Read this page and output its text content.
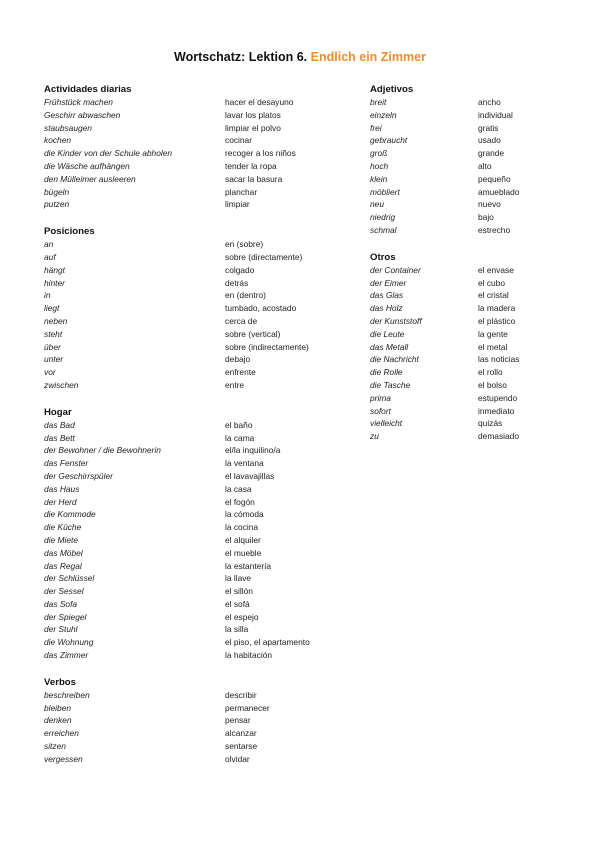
Wortschatz: Lektion 6. Endlich ein Zimmer
Actividades diarias
Frühstück machen	hacer el desayuno
Geschirr abwaschen	lavar los platos
staubsaugen	limpiar el polvo
kochen	cocinar
die Kinder von der Schule abholen	recoger a los niños
die Wäsche aufhängen	tender la ropa
den Mülleimer ausleeren	sacar la basura
bügeln	planchar
putzen	limpiar
Posiciones
an	en (sobre)
auf	sobre (directamente)
hängt	colgado
hinter	detrás
in	en (dentro)
liegt	tumbado, acostado
neben	cerca de
steht	sobre (vertical)
über	sobre (indirectamente)
unter	debajo
vor	enfrente
zwischen	entre
Hogar
das Bad	el baño
das Bett	la cama
der Bewohner / die Bewohnerin	el/la inquilino/a
das Fenster	la ventana
der Geschirrspüler	el lavavajillas
das Haus	la casa
der Herd	el fogón
die Kommode	la cómoda
die Küche	la cocina
die Miete	el alquiler
das Möbel	el mueble
das Regal	la estantería
der Schlüssel	la llave
der Sessel	el sillón
das Sofa	el sofá
der Spiegel	el espejo
der Stuhl	la silla
die Wohnung	el piso, el apartamento
das Zimmer	la habitación
Verbos
beschreiben	describir
bleiben	permanecer
denken	pensar
erreichen	alcanzar
sitzen	sentarse
vergessen	olvidar
Adjetivos
breit	ancho
einzeln	individual
frei	gratis
gebraucht	usado
groß	grande
hoch	alto
klein	pequeño
möbliert	amueblado
neu	nuevo
niedrig	bajo
schmal	estrecho
Otros
der Container	el envase
der Eimer	el cubo
das Glas	el cristal
das Holz	la madera
der Kunststoff	el plástico
die Leute	la gente
das Metall	el metal
die Nachricht	las noticias
die Rolle	el rollo
die Tasche	el bolso
prima	estupendo
sofort	inmediato
vielleicht	quizás
zu	demasiado
